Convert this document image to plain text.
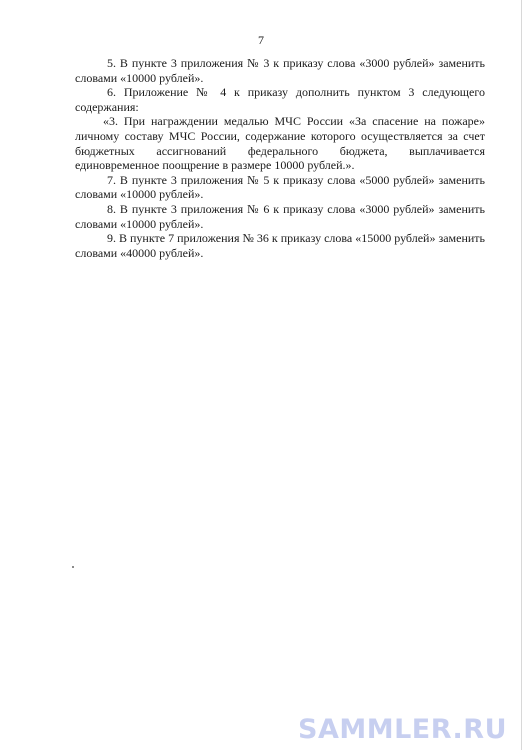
7

5. В пункте 3 приложения № 3 к приказу слова «3000 рублей» заменить словами «10000 рублей».

6. Приложение № 4 к приказу дополнить пунктом 3 следующего содержания:

«3. При награждении медалью МЧС России «За спасение на пожаре» личному составу МЧС России, содержание которого осуществляется за счет бюджетных ассигнований федерального бюджета, выплачивается единовременное поощрение в размере 10000 рублей.».

7. В пункте 3 приложения № 5 к приказу слова «5000 рублей» заменить словами «10000 рублей».

8. В пункте 3 приложения № 6 к приказу слова «3000 рублей» заменить словами «10000 рублей».

9. В пункте 7 приложения № 36 к приказу слова «15000 рублей» заменить словами «40000 рублей».

SAMMLER.RU
